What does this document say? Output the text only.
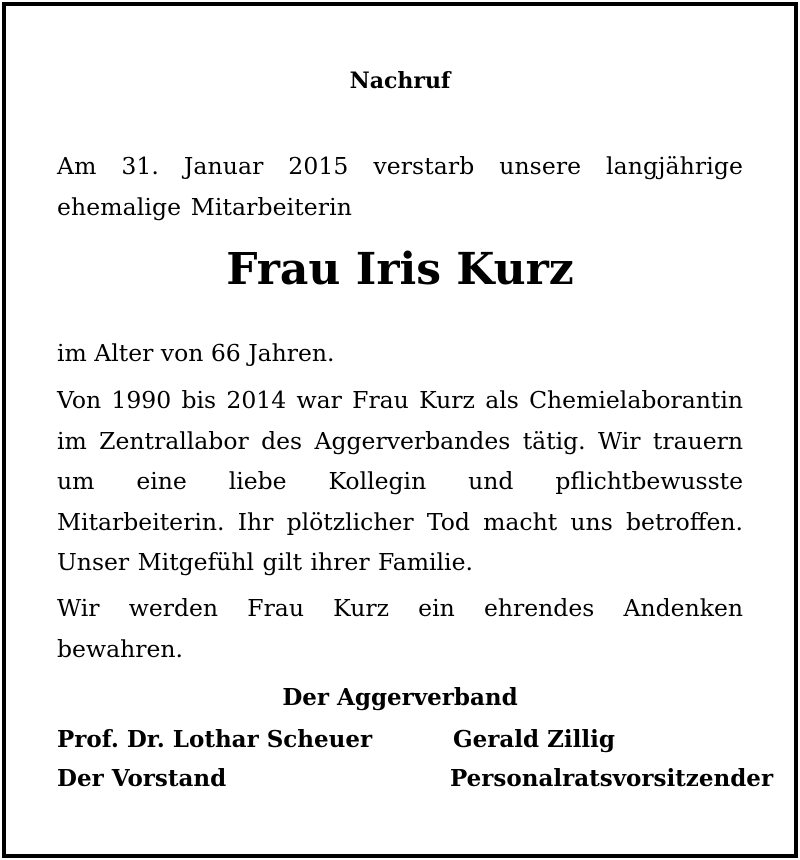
Nachruf
Am 31. Januar 2015 verstarb unsere langjährige ehemalige Mitarbeiterin
Frau Iris Kurz
im Alter von 66 Jahren.
Von 1990 bis 2014 war Frau Kurz als Chemielaborantin im Zentrallabor des Aggerverbandes tätig. Wir trauern um eine liebe Kollegin und pflichtbewusste Mitarbeiterin. Ihr plötzlicher Tod macht uns betroffen. Unser Mitgefühl gilt ihrer Familie.
Wir werden Frau Kurz ein ehrendes Andenken bewahren.
Der Aggerverband
Prof. Dr. Lothar Scheuer
Der Vorstand
Gerald Zillig
Personalratsvorsitzender
